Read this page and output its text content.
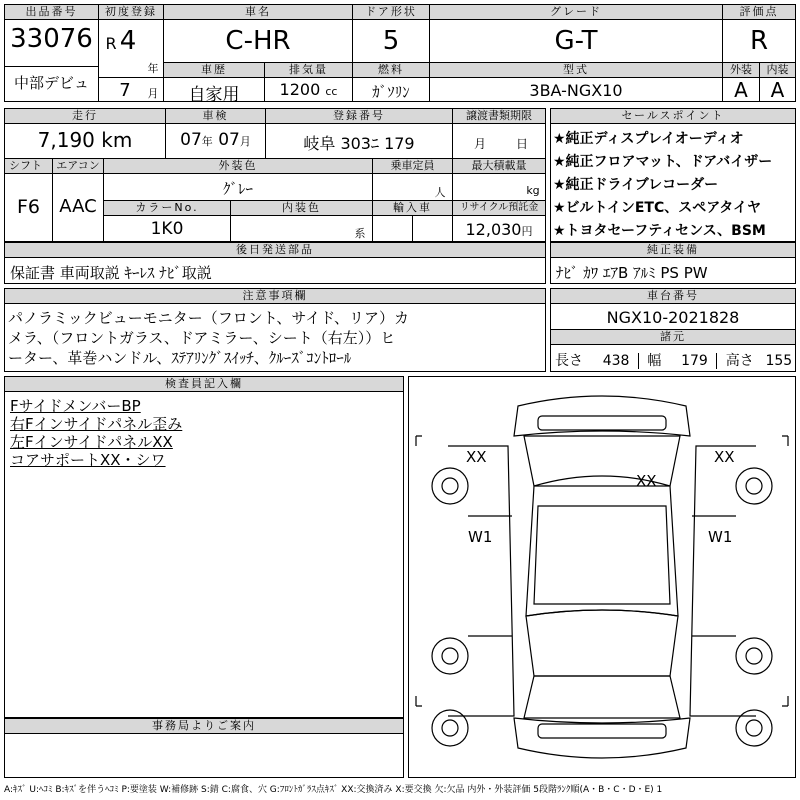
出品番号
33076
中部デビュ
初度登録
R 4
年
7	月
車名
C-HR
ドア形状
5
グレード
G-T
評価点
R
車歴
自家用
排気量
1200 cc
燃料
ｶﾞｿﾘﾝ
型式
3BA-NGX10
外装	内装
A	A
走行
7,190 km
車検
07年 07月
登録番号
岐阜 303ﾆ 179
譲渡書類期限
月	日
シフト
F6
エアコン
AAC
外装色
ｸﾞﾚｰ
乗車定員
人
最大積載量
kg
カラーNo.
1K0
内装色
系
輸入車	リサイクル預託金
12,030円
セールスポイント
★純正ディスプレイオーディオ
★純正フロアマット、ドアバイザー
★純正ドライブレコーダー
★ビルトインETC、スペアタイヤ
★トヨタセーフティセンス、BSM
後日発送部品
保証書 車両取説 ｷｰﾚｽ ﾅﾋﾞ取説
純正装備
ﾅﾋﾞ ｶﾜ ｴｱB ｱﾙﾐ PS PW
注意事項欄
パノラミックビューモニター（フロント、サイド、リア）カ
メラ、（フロントガラス、ドアミラー、シート（右左））ヒ
ーター、革巻ハンドル、ｽﾃｱﾘﾝｸﾞｽｲｯﾁ、ｸﾙｰｽﾞｺﾝﾄﾛｰﾙ
車台番号
NGX10-2021828
諸元
長さ 438 幅 179 高さ 155
検査員記入欄
FサイドメンバーBP
右Fインサイドパネル歪み
左FインサイドパネルXX
コアサポートXX・シワ
事務局よりご案内
XX	XX
XX
W1	W1
A:ｷｽﾞ U:ﾍｺﾐ B:ｷｽﾞを伴うﾍｺﾐ P:要塗装 W:補修跡 S:錆 C:腐食、穴 G:ﾌﾛﾝﾄｶﾞﾗｽ点ｷｽﾞ XX:交換済み X:要交換 欠:欠品 内外・外装評価 5段階ﾗﾝｸ順(A・B・C・D・E) 1
